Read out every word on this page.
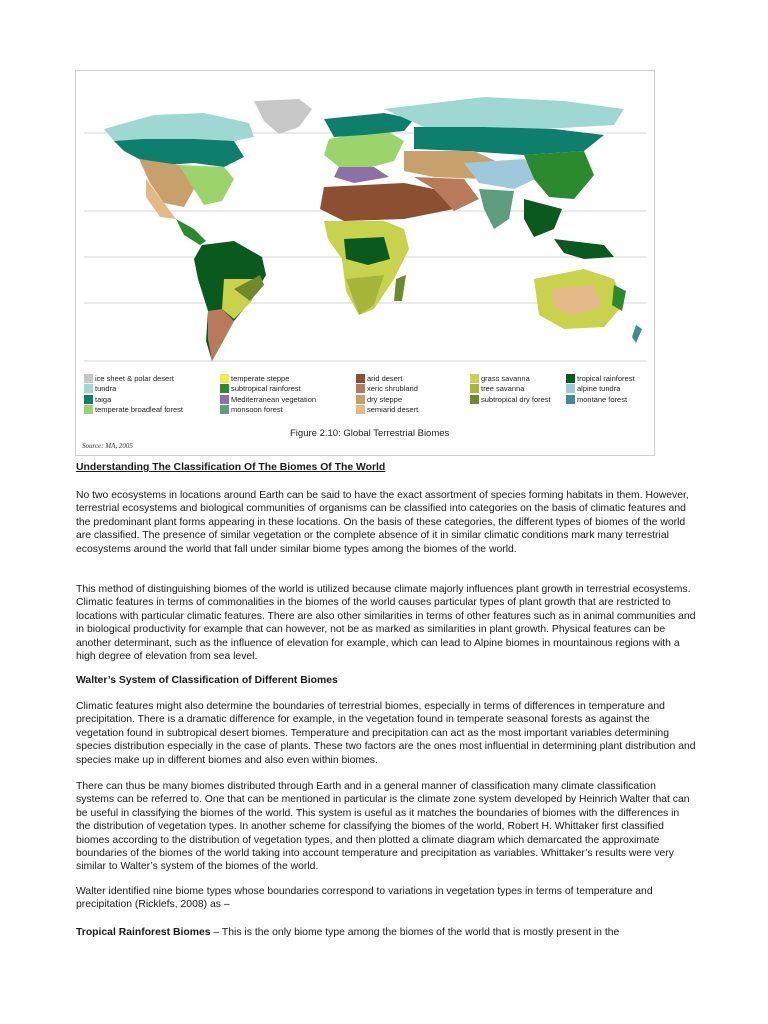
ice sheet & polar desert
tundra
taiga
temperate broadleaf forest
temperate steppe
subtropical rainforest
Mediterranean vegetation
monsoon forest
arid desert
xeric shrubland
dry steppe
semiarid desert
grass savanna
tree savanna
subtropical dry forest
tropical rainforest
alpine tundra
montane forest
Figure 2.10: Global Terrestrial Biomes
Source: MA, 2005

Understanding The Classification Of The Biomes Of The World

No two ecosystems in locations around Earth can be said to have the exact assortment of species forming habitats in them. However, terrestrial ecosystems and biological communities of organisms can be classified into categories on the basis of climatic features and the predominant plant forms appearing in these locations. On the basis of these categories, the different types of biomes of the world are classified. The presence of similar vegetation or the complete absence of it in similar climatic conditions mark many terrestrial ecosystems around the world that fall under similar biome types among the biomes of the world.

This method of distinguishing biomes of the world is utilized because climate majorly influences plant growth in terrestrial ecosystems. Climatic features in terms of commonalities in the biomes of the world causes particular types of plant growth that are restricted to locations with particular climatic features. There are also other similarities in terms of other features such as in animal communities and in biological productivity for example that can however, not be as marked as similarities in plant growth. Physical features can be another determinant, such as the influence of elevation for example, which can lead to Alpine biomes in mountainous regions with a high degree of elevation from sea level.

Walter’s System of Classification of Different Biomes

Climatic features might also determine the boundaries of terrestrial biomes, especially in terms of differences in temperature and precipitation. There is a dramatic difference for example, in the vegetation found in temperate seasonal forests as against the vegetation found in subtropical desert biomes. Temperature and precipitation can act as the most important variables determining species distribution especially in the case of plants. These two factors are the ones most influential in determining plant distribution and species make up in different biomes and also even within biomes.

There can thus be many biomes distributed through Earth and in a general manner of classification many climate classification systems can be referred to. One that can be mentioned in particular is the climate zone system developed by Heinrich Walter that can be useful in classifying the biomes of the world. This system is useful as it matches the boundaries of biomes with the differences in the distribution of vegetation types. In another scheme for classifying the biomes of the world, Robert H. Whittaker first classified biomes according to the distribution of vegetation types, and then plotted a climate diagram which demarcated the approximate boundaries of the biomes of the world taking into account temperature and precipitation as variables. Whittaker’s results were very similar to Walter’s system of the biomes of the world.

Walter identified nine biome types whose boundaries correspond to variations in vegetation types in terms of temperature and precipitation (Ricklefs, 2008) as –

Tropical Rainforest Biomes – This is the only biome type among the biomes of the world that is mostly present in the
